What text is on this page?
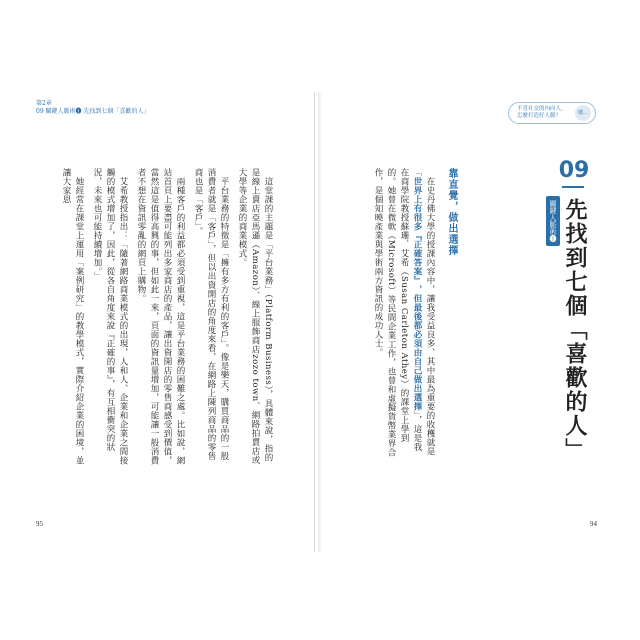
第2章
09 關鍵人脈術❶ 先找到七個「喜歡的人」

這堂課的主題是「平台業務」（Platform Business），具體來說，指的是線上賣店亞馬遜（Amazon）、線上服飾商店zozo town、網路拍賣店或大學等企業的商業模式。

平台業務的特徵是「擁有多方有利的客戶」。像是樂天，購買商品的一般消費者就是「客戶」，但以出資開店的角度來看，在網路上陳列商品的零售商也是「客戶」。

兩種客戶的利益都必須受到重視，這是平台業務的困難之處。比如說，網站首頁上要盡可能列出多家商店的產品，讓出資開店的零售商感受到價值，當然這是值得高興的事，但如此一來，頁面的資訊量增加，可能讓一般消費者不想在資訊零亂的網頁上購物。

艾希教授指出：「隨著網路商業模式的出現，人和人、企業和企業之間接觸的模式增加了，因此，從各自角度來說『正確的事』，有互相衝突的狀況，未來也可能持續增加。」

她經常在課堂上運用「案例研究」的教學模式，實際介紹企業的困境，並讓大家思

95
不喜社交的內向人，
怎麼打造好人脈？	嗯…
09
關鍵人脈術❶ 先找到七個「喜歡的人」
靠直覺，做出選擇

在史丹佛大學的授課內容中，讓我受益良多、其中最為重要的收穫就是「世界上有很多『正確答案』，但最後都必須由自己做出選擇」，這是我在商學院教授蘇珊．艾希（Susan Carleton Athey）的課堂上學到的。她曾在微軟（Microsoft）等民間企業工作，也曾和虛擬貨幣業界合作，是個知曉產業與學術兩方資訊的成功人士。

94
